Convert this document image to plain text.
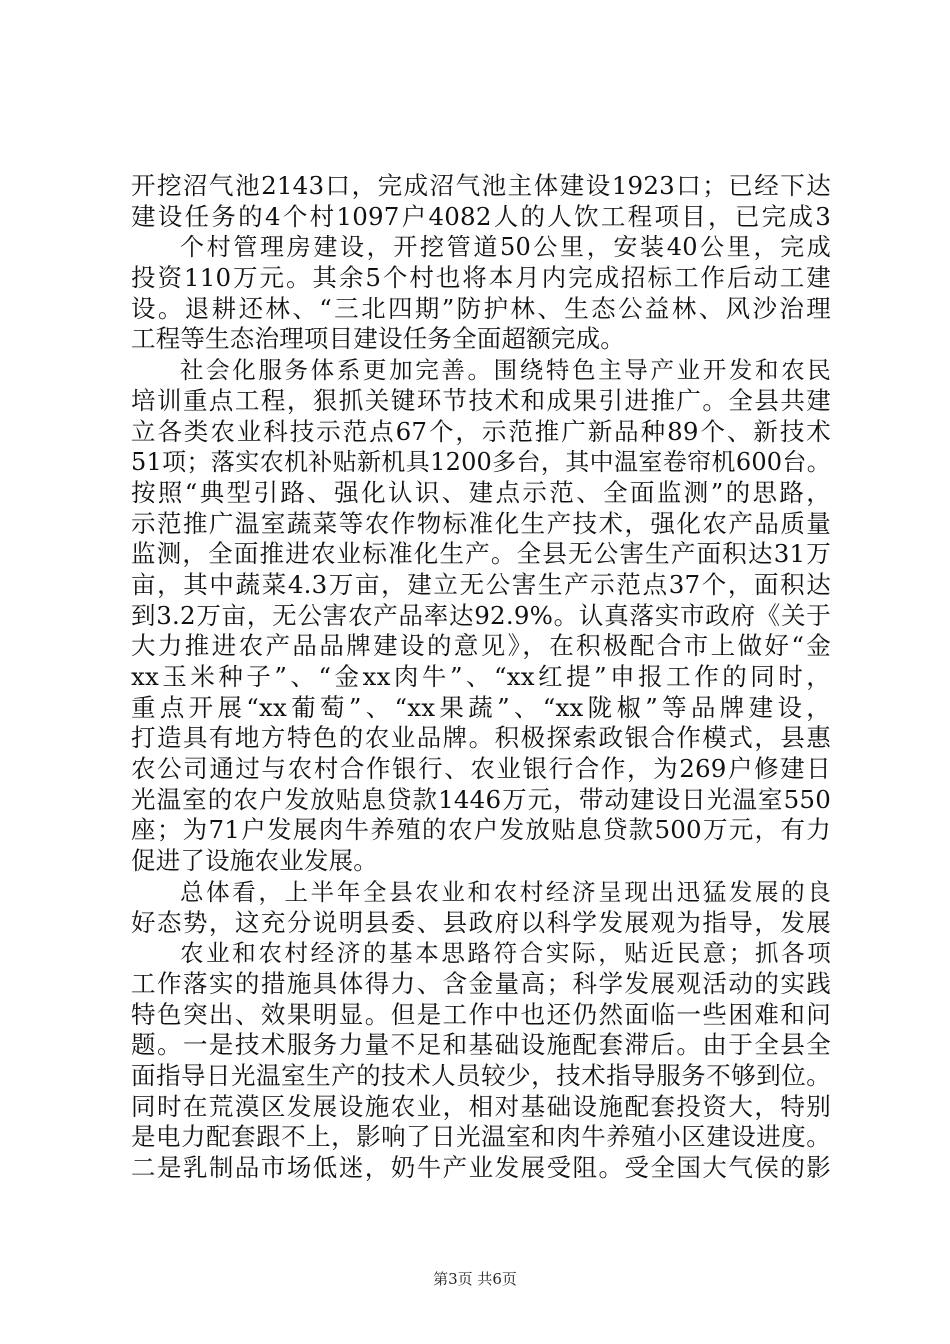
开挖沼气池2143口，完成沼气池主体建设1923口；已经下达
建设任务的4个村1097户4082人的人饮工程项目，已完成3
个村管理房建设，开挖管道50公里，安装40公里，完成
投资110万元。其余5个村也将本月内完成招标工作后动工建
设。退耕还林、“三北四期”防护林、生态公益林、风沙治理
工程等生态治理项目建设任务全面超额完成。
社会化服务体系更加完善。围绕特色主导产业开发和农民
培训重点工程，狠抓关键环节技术和成果引进推广。全县共建
立各类农业科技示范点67个，示范推广新品种89个、新技术
51项；落实农机补贴新机具1200多台，其中温室卷帘机600台。
按照“典型引路、强化认识、建点示范、全面监测”的思路，
示范推广温室蔬菜等农作物标准化生产技术，强化农产品质量
监测，全面推进农业标准化生产。全县无公害生产面积达31万
亩，其中蔬菜4.3万亩，建立无公害生产示范点37个，面积达
到3.2万亩，无公害农产品率达92.9%。认真落实市政府《关于
大力推进农产品品牌建设的意见》，在积极配合市上做好“金
xx玉米种子”、“金xx肉牛”、“xx红提”申报工作的同时，
重点开展“xx葡萄”、“xx果蔬”、“xx陇椒”等品牌建设，
打造具有地方特色的农业品牌。积极探索政银合作模式，县惠
农公司通过与农村合作银行、农业银行合作，为269户修建日
光温室的农户发放贴息贷款1446万元，带动建设日光温室550
座；为71户发展肉牛养殖的农户发放贴息贷款500万元，有力
促进了设施农业发展。
总体看，上半年全县农业和农村经济呈现出迅猛发展的良
好态势，这充分说明县委、县政府以科学发展观为指导，发展
农业和农村经济的基本思路符合实际，贴近民意；抓各项
工作落实的措施具体得力、含金量高；科学发展观活动的实践
特色突出、效果明显。但是工作中也还仍然面临一些困难和问
题。一是技术服务力量不足和基础设施配套滞后。由于全县全
面指导日光温室生产的技术人员较少，技术指导服务不够到位。
同时在荒漠区发展设施农业，相对基础设施配套投资大，特别
是电力配套跟不上，影响了日光温室和肉牛养殖小区建设进度。
二是乳制品市场低迷，奶牛产业发展受阻。受全国大气侯的影
第3页 共6页
